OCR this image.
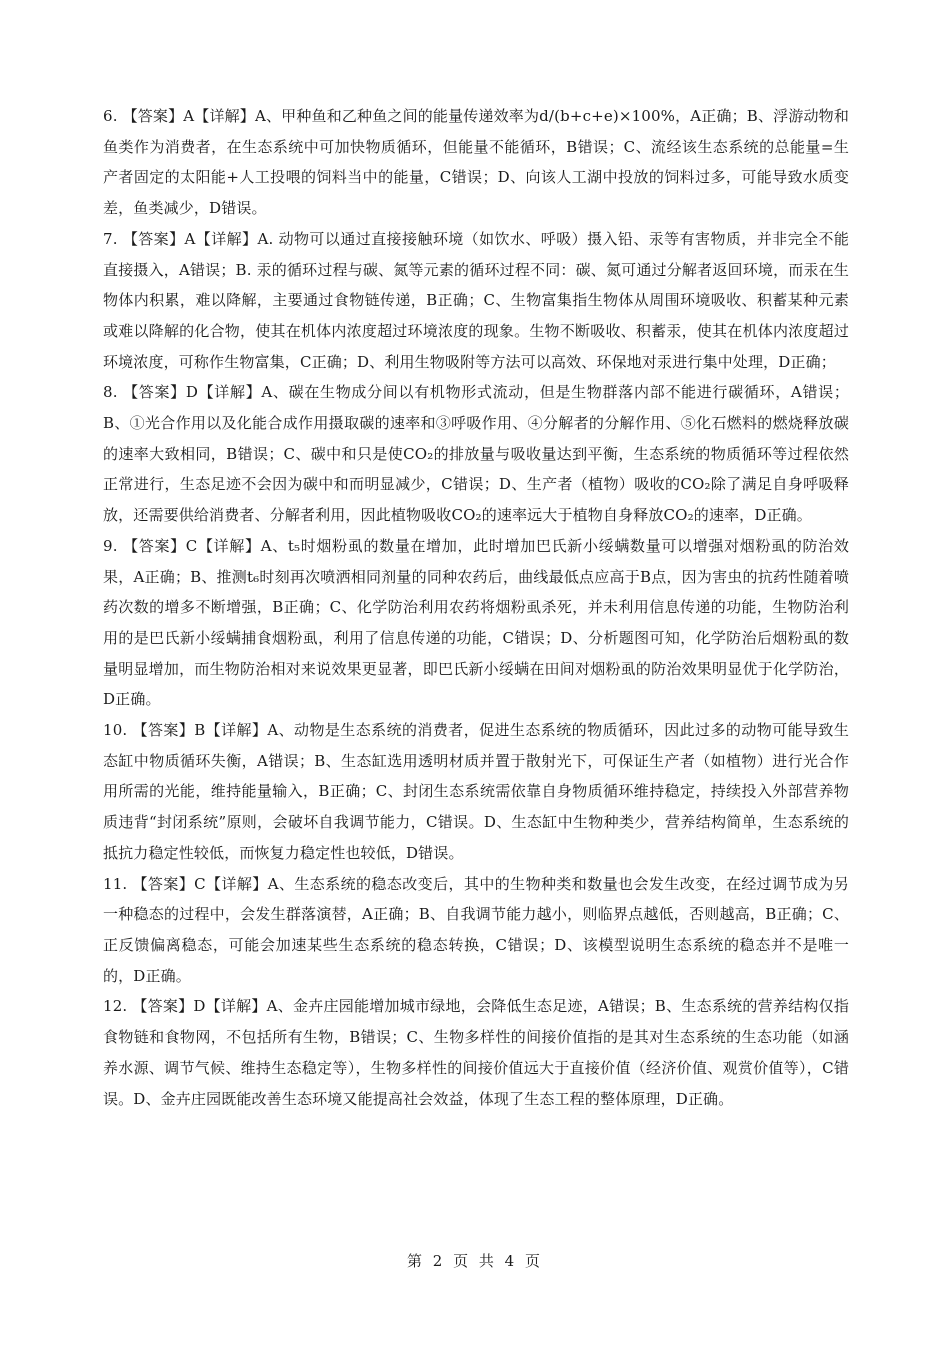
6. 【答案】A【详解】A、甲种鱼和乙种鱼之间的能量传递效率为d/(b+c+e)×100%，A正确；B、浮游动物和鱼类作为消费者，在生态系统中可加快物质循环，但能量不能循环，B错误；C、流经该生态系统的总能量=生产者固定的太阳能+人工投喂的饲料当中的能量，C错误；D、向该人工湖中投放的饲料过多，可能导致水质变差，鱼类减少，D错误。

7. 【答案】A【详解】A. 动物可以通过直接接触环境（如饮水、呼吸）摄入铅、汞等有害物质，并非完全不能直接摄入，A错误；B. 汞的循环过程与碳、氮等元素的循环过程不同：碳、氮可通过分解者返回环境，而汞在生物体内积累，难以降解，主要通过食物链传递，B正确；C、生物富集指生物体从周围环境吸收、积蓄某种元素或难以降解的化合物，使其在机体内浓度超过环境浓度的现象。生物不断吸收、积蓄汞，使其在机体内浓度超过环境浓度，可称作生物富集，C正确；D、利用生物吸附等方法可以高效、环保地对汞进行集中处理，D正确；

8. 【答案】D【详解】A、碳在生物成分间以有机物形式流动，但是生物群落内部不能进行碳循环，A错误；B、①光合作用以及化能合成作用摄取碳的速率和③呼吸作用、④分解者的分解作用、⑤化石燃料的燃烧释放碳的速率大致相同，B错误；C、碳中和只是使CO₂的排放量与吸收量达到平衡，生态系统的物质循环等过程依然正常进行，生态足迹不会因为碳中和而明显减少，C错误；D、生产者（植物）吸收的CO₂除了满足自身呼吸释放，还需要供给消费者、分解者利用，因此植物吸收CO₂的速率远大于植物自身释放CO₂的速率，D正确。

9. 【答案】C【详解】A、t₅时烟粉虱的数量在增加，此时增加巴氏新小绥螨数量可以增强对烟粉虱的防治效果，A正确；B、推测t₆时刻再次喷洒相同剂量的同种农药后，曲线最低点应高于B点，因为害虫的抗药性随着喷药次数的增多不断增强，B正确；C、化学防治利用农药将烟粉虱杀死，并未利用信息传递的功能，生物防治利用的是巴氏新小绥螨捕食烟粉虱，利用了信息传递的功能，C错误；D、分析题图可知，化学防治后烟粉虱的数量明显增加，而生物防治相对来说效果更显著，即巴氏新小绥螨在田间对烟粉虱的防治效果明显优于化学防治，D正确。

10. 【答案】B【详解】A、动物是生态系统的消费者，促进生态系统的物质循环，因此过多的动物可能导致生态缸中物质循环失衡，A错误；B、生态缸选用透明材质并置于散射光下，可保证生产者（如植物）进行光合作用所需的光能，维持能量输入，B正确；C、封闭生态系统需依靠自身物质循环维持稳定，持续投入外部营养物质违背“封闭系统”原则，会破坏自我调节能力，C错误。D、生态缸中生物种类少，营养结构简单，生态系统的抵抗力稳定性较低，而恢复力稳定性也较低，D错误。

11. 【答案】C【详解】A、生态系统的稳态改变后，其中的生物种类和数量也会发生改变，在经过调节成为另一种稳态的过程中，会发生群落演替，A正确；B、自我调节能力越小，则临界点越低，否则越高，B正确；C、正反馈偏离稳态，可能会加速某些生态系统的稳态转换，C错误；D、该模型说明生态系统的稳态并不是唯一的，D正确。

12. 【答案】D【详解】A、金卉庄园能增加城市绿地，会降低生态足迹，A错误；B、生态系统的营养结构仅指食物链和食物网，不包括所有生物，B错误；C、生物多样性的间接价值指的是其对生态系统的生态功能（如涵养水源、调节气候、维持生态稳定等），生物多样性的间接价值远大于直接价值（经济价值、观赏价值等），C错误。D、金卉庄园既能改善生态环境又能提高社会效益，体现了生态工程的整体原理，D正确。

第 2 页 共 4 页
